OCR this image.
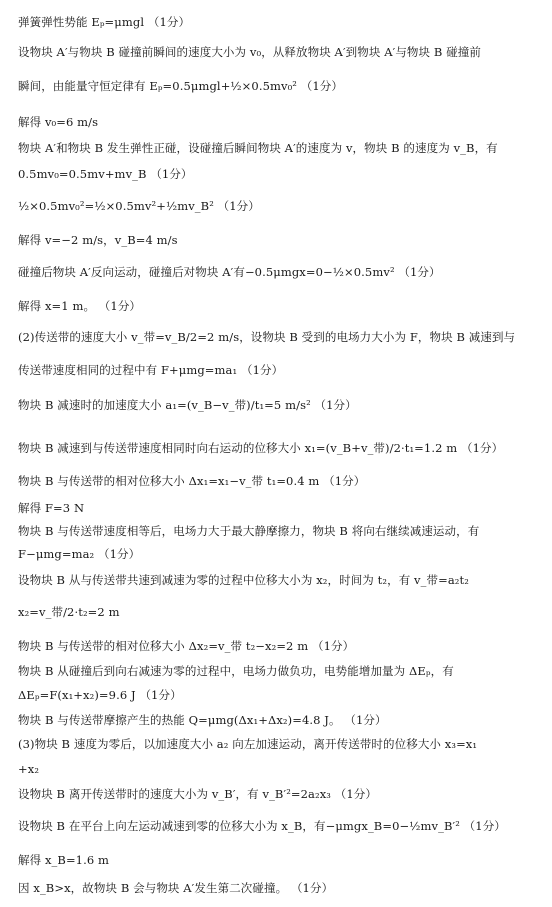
弹簧弹性势能 Eₚ=μmgl （1分）
设物块 A′与物块 B 碰撞前瞬间的速度大小为 v₀，从释放物块 A′到物块 A′与物块 B 碰撞前
瞬间，由能量守恒定律有 Eₚ=0.5μmgl+½×0.5mv₀² （1分）
解得 v₀=6 m/s
物块 A′和物块 B 发生弹性正碰，设碰撞后瞬间物块 A′的速度为 v，物块 B 的速度为 v_B，有
0.5mv₀=0.5mv+mv_B （1分）
½×0.5mv₀²=½×0.5mv²+½mv_B² （1分）
解得 v=−2 m/s，v_B=4 m/s
碰撞后物块 A′反向运动，碰撞后对物块 A′有−0.5μmgx=0−½×0.5mv² （1分）
解得 x=1 m。 （1分）
(2)传送带的速度大小 v_带=v_B/2=2 m/s，设物块 B 受到的电场力大小为 F，物块 B 减速到与
传送带速度相同的过程中有 F+μmg=ma₁ （1分）
物块 B 减速时的加速度大小 a₁=(v_B−v_带)/t₁=5 m/s² （1分）
物块 B 减速到与传送带速度相同时向右运动的位移大小 x₁=(v_B+v_带)/2·t₁=1.2 m （1分）
物块 B 与传送带的相对位移大小 Δx₁=x₁−v_带 t₁=0.4 m （1分）
解得 F=3 N
物块 B 与传送带速度相等后，电场力大于最大静摩擦力，物块 B 将向右继续减速运动，有
F−μmg=ma₂ （1分）
设物块 B 从与传送带共速到减速为零的过程中位移大小为 x₂，时间为 t₂，有 v_带=a₂t₂
x₂=v_带/2·t₂=2 m
物块 B 与传送带的相对位移大小 Δx₂=v_带 t₂−x₂=2 m （1分）
物块 B 从碰撞后到向右减速为零的过程中，电场力做负功，电势能增加量为 ΔEₚ，有
ΔEₚ=F(x₁+x₂)=9.6 J （1分）
物块 B 与传送带摩擦产生的热能 Q=μmg(Δx₁+Δx₂)=4.8 J。 （1分）
(3)物块 B 速度为零后，以加速度大小 a₂ 向左加速运动，离开传送带时的位移大小 x₃=x₁
+x₂
设物块 B 离开传送带时的速度大小为 v_B′，有 v_B′²=2a₂x₃ （1分）
设物块 B 在平台上向左运动减速到零的位移大小为 x_B，有−μmgx_B=0−½mv_B′² （1分）
解得 x_B=1.6 m
因 x_B>x，故物块 B 会与物块 A′发生第二次碰撞。 （1分）
